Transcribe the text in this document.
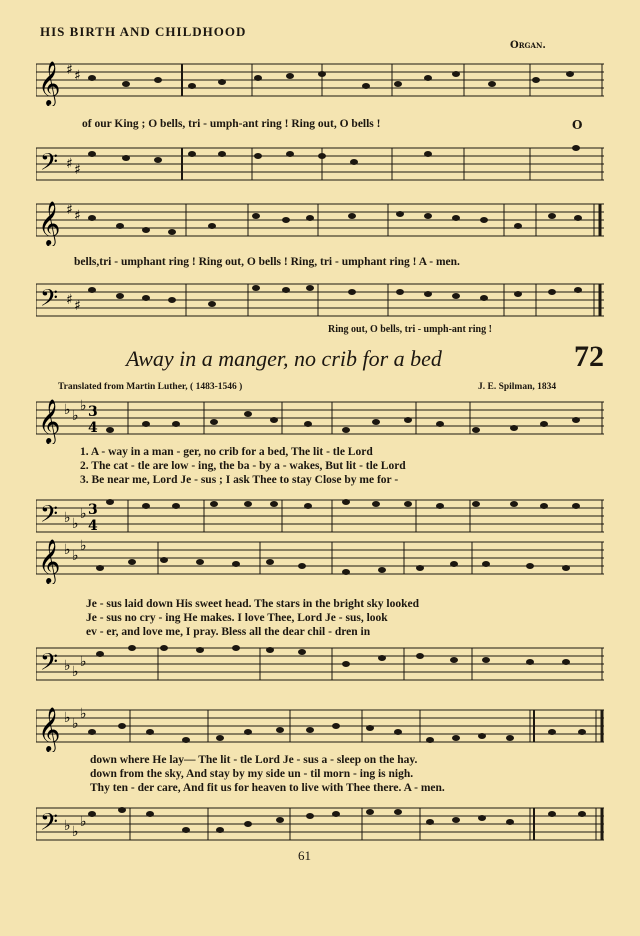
HIS BIRTH AND CHILDHOOD
Organ.
𝄞 ♯ ♯
of our King ; O bells, tri - umph-ant ring ! Ring out, O bells !	O
𝄢 ♯ ♯
𝄞 ♯ ♯
bells,tri - umphant ring ! Ring out, O bells ! Ring, tri - umphant ring ! A - men.
𝄢 ♯ ♯
Ring out, O bells, tri - umph-ant ring !
Away in a manger, no crib for a bed	72
Translated from Martin Luther, ( 1483-1546 )	J. E. Spilman, 1834
𝄞 ♭ ♭
♭ 3
4
1. A - way in a man - ger, no crib for a bed, The lit - tle Lord
2. The cat - tle are low - ing, the ba - by a - wakes, But lit - tle Lord
3. Be near me, Lord Je - sus ; I ask Thee to stay Close by me for -
𝄢 ♭ ♭
♭ 3
4
𝄞 ♭ ♭
♭
Je - sus laid down His sweet head. The stars in the bright sky looked
Je - sus no cry - ing He makes. I love Thee, Lord Je - sus, look
ev - er, and love me, I pray. Bless all the dear chil - dren in
𝄢 ♭ ♭
♭
𝄞 ♭ ♭
♭
down where He lay— The lit - tle Lord Je - sus a - sleep on the hay.
down from the sky, And stay by my side un - til morn - ing is nigh.
Thy ten - der care, And fit us for heaven to live with Thee there. A - men.
𝄢 ♭ ♭
♭
61
